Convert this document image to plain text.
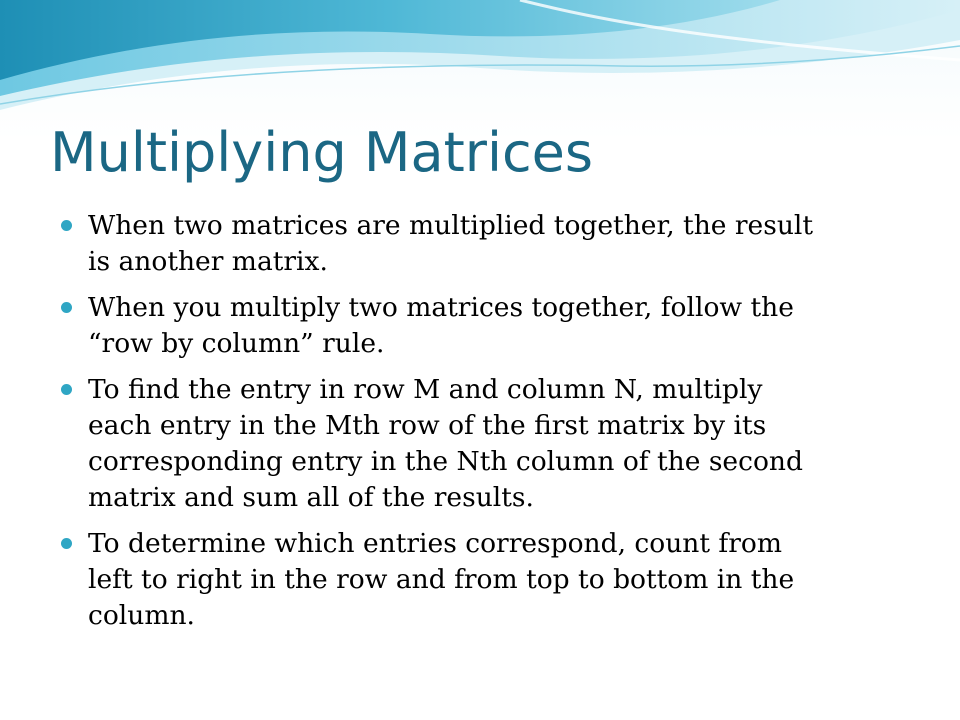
Multiplying Matrices
When two matrices are multiplied together, the result
is another matrix.
When you multiply two matrices together, follow the
“row by column” rule.
To find the entry in row M and column N, multiply
each entry in the Mth row of the first matrix by its
corresponding entry in the Nth column of the second
matrix and sum all of the results.
To determine which entries correspond, count from
left to right in the row and from top to bottom in the
column.
